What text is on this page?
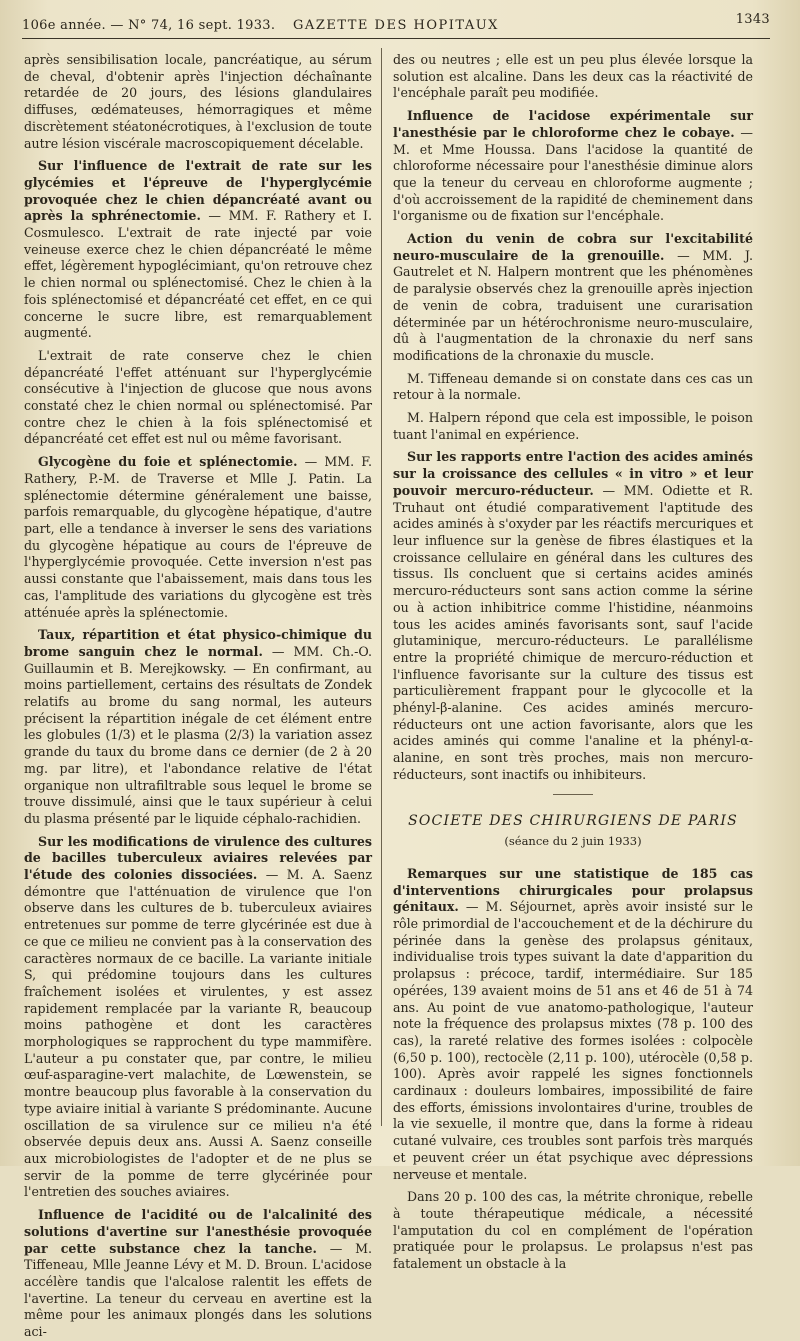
106e année. — N° 74, 16 sept. 1933.	GAZETTE DES HOPITAUX	1343

après sensibilisation locale, pancréatique, au sérum de cheval, d'obtenir après l'injection déchaînante retardée de 20 jours, des lésions glandulaires diffuses, œdémateuses, hémorragiques et même discrètement stéatonécrotiques, à l'exclusion de toute autre lésion viscérale macroscopiquement décelable.

Sur l'influence de l'extrait de rate sur les glycémies et l'épreuve de l'hyperglycémie provoquée chez le chien dépancréaté avant ou après la sphrénectomie. — MM. F. Rathery et I. Cosmulesco. L'extrait de rate injecté par voie veineuse exerce chez le chien dépancréaté le même effet, légèrement hypoglécimiant, qu'on retrouve chez le chien normal ou splénectomisé. Chez le chien à la fois splénectomisé et dépancréaté cet effet, en ce qui concerne le sucre libre, est remarquablement augmenté.

L'extrait de rate conserve chez le chien dépancréaté l'effet atténuant sur l'hyperglycémie consécutive à l'injection de glucose que nous avons constaté chez le chien normal ou splénectomisé. Par contre chez le chien à la fois splénectomisé et dépancréaté cet effet est nul ou même favorisant.

Glycogène du foie et splénectomie. — MM. F. Rathery, P.-M. de Traverse et Mlle J. Patin. La splénectomie détermine généralement une baisse, parfois remarquable, du glycogène hépatique, d'autre part, elle a tendance à inverser le sens des variations du glycogène hépatique au cours de l'épreuve de l'hyperglycémie provoquée. Cette inversion n'est pas aussi constante que l'abaissement, mais dans tous les cas, l'amplitude des variations du glycogène est très atténuée après la splénectomie.

Taux, répartition et état physico-chimique du brome sanguin chez le normal. — MM. Ch.-O. Guillaumin et B. Merejkowsky. — En confirmant, au moins partiellement, certains des résultats de Zondek relatifs au brome du sang normal, les auteurs précisent la répartition inégale de cet élément entre les globules (1/3) et le plasma (2/3) la variation assez grande du taux du brome dans ce dernier (de 2 à 20 mg. par litre), et l'abondance relative de l'état organique non ultrafiltrable sous lequel le brome se trouve dissimulé, ainsi que le taux supérieur à celui du plasma présenté par le liquide céphalo-rachidien.

Sur les modifications de virulence des cultures de bacilles tuberculeux aviaires relevées par l'étude des colonies dissociées. — M. A. Saenz démontre que l'atténuation de virulence que l'on observe dans les cultures de b. tuberculeux aviaires entretenues sur pomme de terre glycérinée est due à ce que ce milieu ne convient pas à la conservation des caractères normaux de ce bacille. La variante initiale S, qui prédomine toujours dans les cultures fraîchement isolées et virulentes, y est assez rapidement remplacée par la variante R, beaucoup moins pathogène et dont les caractères morphologiques se rapprochent du type mammifère. L'auteur a pu constater que, par contre, le milieu œuf-asparagine-vert malachite, de Lœwenstein, se montre beaucoup plus favorable à la conservation du type aviaire initial à variante S prédominante. Aucune oscillation de sa virulence sur ce milieu n'a été observée depuis deux ans. Aussi A. Saenz conseille aux microbiologistes de l'adopter et de ne plus se servir de la pomme de terre glycérinée pour l'entretien des souches aviaires.

Influence de l'acidité ou de l'alcalinité des solutions d'avertine sur l'anesthésie provoquée par cette substance chez la tanche. — M. Tiffeneau, Mlle Jeanne Lévy et M. D. Broun. L'acidose accélère tandis que l'alcalose ralentit les effets de l'avertine. La teneur du cerveau en avertine est la même pour les animaux plongés dans les solutions aci-

des ou neutres ; elle est un peu plus élevée lorsque la solution est alcaline. Dans les deux cas la réactivité de l'encéphale paraît peu modifiée.

Influence de l'acidose expérimentale sur l'anesthésie par le chloroforme chez le cobaye. — M. et Mme Houssa. Dans l'acidose la quantité de chloroforme nécessaire pour l'anesthésie diminue alors que la teneur du cerveau en chloroforme augmente ; d'où accroissement de la rapidité de cheminement dans l'organisme ou de fixation sur l'encéphale.

Action du venin de cobra sur l'excitabilité neuro-musculaire de la grenouille. — MM. J. Gautrelet et N. Halpern montrent que les phénomènes de paralysie observés chez la grenouille après injection de venin de cobra, traduisent une curarisation déterminée par un hétérochronisme neuro-musculaire, dû à l'augmentation de la chronaxie du nerf sans modifications de la chronaxie du muscle.

M. Tiffeneau demande si on constate dans ces cas un retour à la normale.

M. Halpern répond que cela est impossible, le poison tuant l'animal en expérience.

Sur les rapports entre l'action des acides aminés sur la croissance des cellules « in vitro » et leur pouvoir mercuro-réducteur. — MM. Odiette et R. Truhaut ont étudié comparativement l'aptitude des acides aminés à s'oxyder par les réactifs mercuriques et leur influence sur la genèse de fibres élastiques et la croissance cellulaire en général dans les cultures des tissus. Ils concluent que si certains acides aminés mercuro-réducteurs sont sans action comme la sérine ou à action inhibitrice comme l'histidine, néanmoins tous les acides aminés favorisants sont, sauf l'acide glutaminique, mercuro-réducteurs. Le parallélisme entre la propriété chimique de mercuro-réduction et l'influence favorisante sur la culture des tissus est particulièrement frappant pour le glycocolle et la phényl-β-alanine. Ces acides aminés mercuro-réducteurs ont une action favorisante, alors que les acides aminés qui comme l'analine et la phényl-α-alanine, en sont très proches, mais non mercuro-réducteurs, sont inactifs ou inhibiteurs.

SOCIETE DES CHIRURGIENS DE PARIS
(séance du 2 juin 1933)

Remarques sur une statistique de 185 cas d'interventions chirurgicales pour prolapsus génitaux. — M. Séjournet, après avoir insisté sur le rôle primordial de l'accouchement et de la déchirure du périnée dans la genèse des prolapsus génitaux, individualise trois types suivant la date d'apparition du prolapsus : précoce, tardif, intermédiaire. Sur 185 opérées, 139 avaient moins de 51 ans et 46 de 51 à 74 ans. Au point de vue anatomo-pathologique, l'auteur note la fréquence des prolapsus mixtes (78 p. 100 des cas), la rareté relative des formes isolées : colpocèle (6,50 p. 100), rectocèle (2,11 p. 100), utérocèle (0,58 p. 100). Après avoir rappelé les signes fonctionnels cardinaux : douleurs lombaires, impossibilité de faire des efforts, émissions involontaires d'urine, troubles de la vie sexuelle, il montre que, dans la forme à rideau cutané vulvaire, ces troubles sont parfois très marqués et peuvent créer un état psychique avec dépressions nerveuse et mentale.

Dans 20 p. 100 des cas, la métrite chronique, rebelle à toute thérapeutique médicale, a nécessité l'amputation du col en complément de l'opération pratiquée pour le prolapsus. Le prolapsus n'est pas fatalement un obstacle à la
